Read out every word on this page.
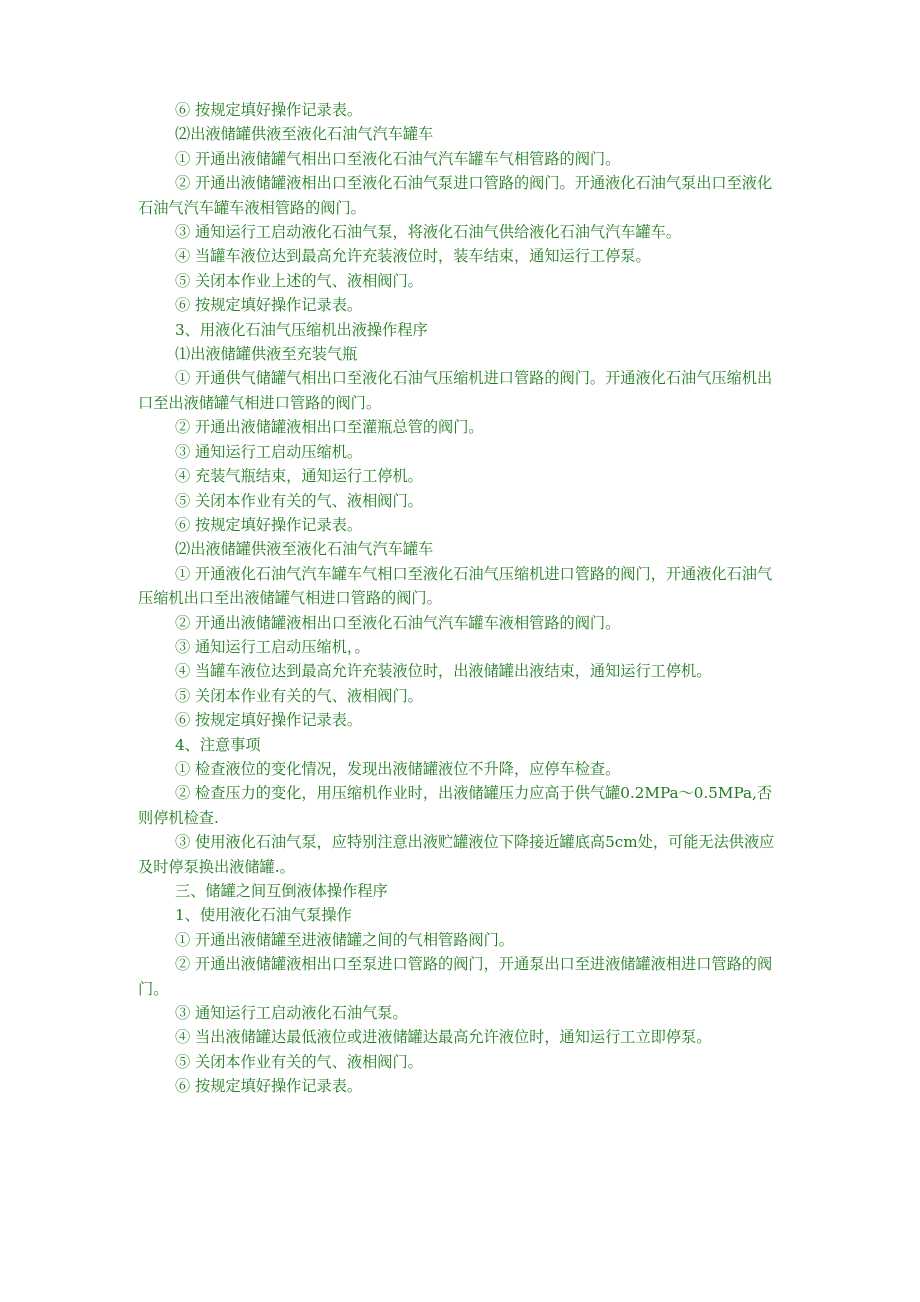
⑥ 按规定填好操作记录表。

⑵出液储罐供液至液化石油气汽车罐车

① 开通出液储罐气相出口至液化石油气汽车罐车气相管路的阀门。

② 开通出液储罐液相出口至液化石油气泵进口管路的阀门。开通液化石油气泵出口至液化石油气汽车罐车液相管路的阀门。

③ 通知运行工启动液化石油气泵，将液化石油气供给液化石油气汽车罐车。

④ 当罐车液位达到最高允许充装液位时，装车结束，通知运行工停泵。

⑤ 关闭本作业上述的气、液相阀门。

⑥ 按规定填好操作记录表。

3、用液化石油气压缩机出液操作程序

⑴出液储罐供液至充装气瓶

① 开通供气储罐气相出口至液化石油气压缩机进口管路的阀门。开通液化石油气压缩机出口至出液储罐气相进口管路的阀门。

② 开通出液储罐液相出口至灌瓶总管的阀门。

③ 通知运行工启动压缩机。

④ 充装气瓶结束，通知运行工停机。

⑤ 关闭本作业有关的气、液相阀门。

⑥ 按规定填好操作记录表。

⑵出液储罐供液至液化石油气汽车罐车

① 开通液化石油气汽车罐车气相口至液化石油气压缩机进口管路的阀门，开通液化石油气压缩机出口至出液储罐气相进口管路的阀门。

② 开通出液储罐液相出口至液化石油气汽车罐车液相管路的阀门。

③ 通知运行工启动压缩机，。

④ 当罐车液位达到最高允许充装液位时，出液储罐出液结束，通知运行工停机。

⑤ 关闭本作业有关的气、液相阀门。

⑥ 按规定填好操作记录表。

4、注意事项

① 检查液位的变化情况，发现出液储罐液位不升降，应停车检查。

② 检查压力的变化，用压缩机作业时，出液储罐压力应高于供气罐0.2MPa～0.5MPa,否则停机检查.

③ 使用液化石油气泵，应特别注意出液贮罐液位下降接近罐底高5cm处，可能无法供液应及时停泵换出液储罐.。

三、储罐之间互倒液体操作程序

1、使用液化石油气泵操作

① 开通出液储罐至进液储罐之间的气相管路阀门。

② 开通出液储罐液相出口至泵进口管路的阀门，开通泵出口至进液储罐液相进口管路的阀门。

③ 通知运行工启动液化石油气泵。

④ 当出液储罐达最低液位或进液储罐达最高允许液位时，通知运行工立即停泵。

⑤ 关闭本作业有关的气、液相阀门。

⑥ 按规定填好操作记录表。
